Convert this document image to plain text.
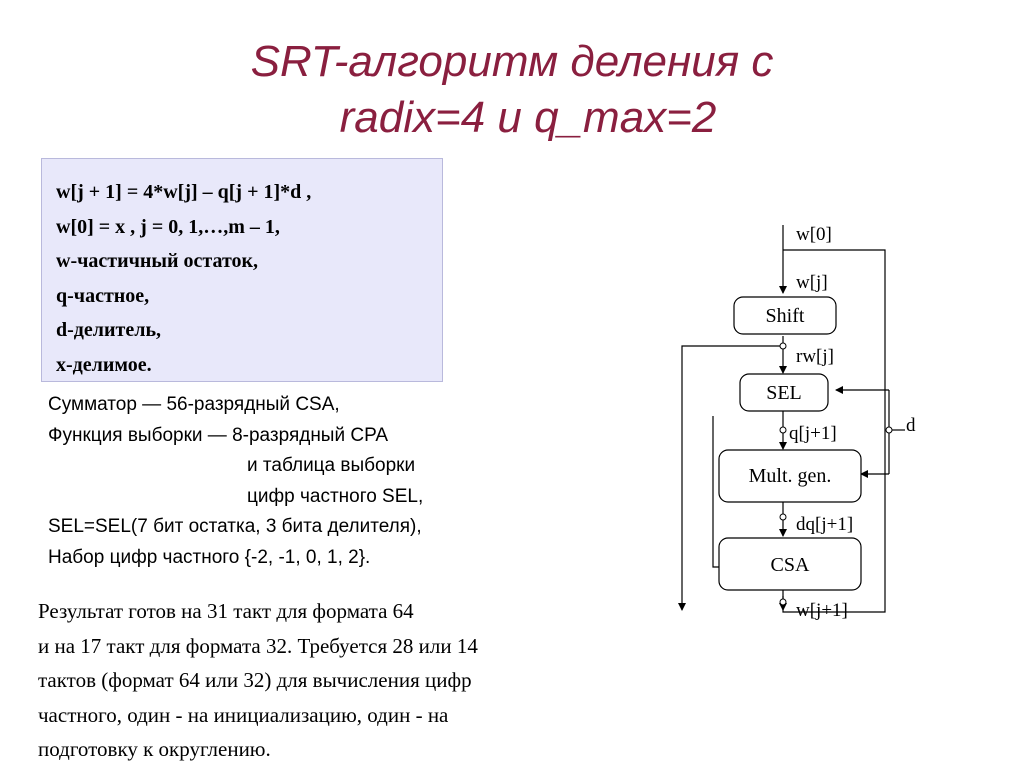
SRT-алгоритм деления с
radix=4 и q_max=2
w[j + 1] = 4*w[j] – q[j + 1]*d ,
w[0] = x , j = 0, 1,…,m – 1,
w-частичный остаток,
q-частное,
d-делитель,
x-делимое.
Сумматор — 56-разрядный CSA,
Функция выборки — 8-разрядный CPA
и таблица выборки
цифр частного SEL,
SEL=SEL(7 бит остатка, 3 бита делителя),
Набор цифр частного {-2, -1, 0, 1, 2}.
Результат готов на 31 такт для формата 64
и на 17 такт для формата 32. Требуется 28 или 14
тактов (формат 64 или 32) для вычисления цифр
частного, один - на инициализацию, один - на
подготовку к округлению.
Shift
SEL
Mult. gen.
CSA
w[0]
w[j]
rw[j]
q[j+1]	d
dq[j+1]
w[j+1]
